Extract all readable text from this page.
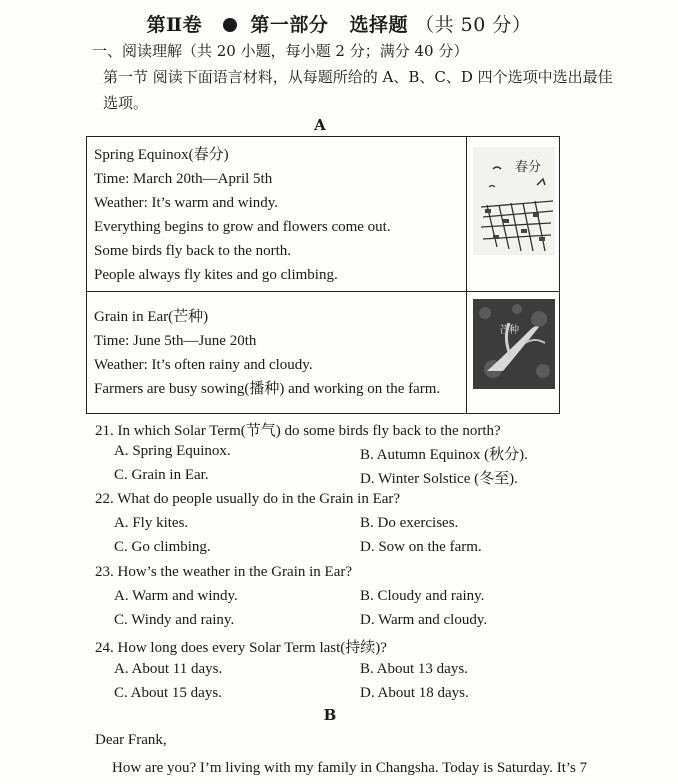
第Ⅱ卷	第一部分 选择题 （共 50 分）
一、阅读理解（共 20 小题，每小题 2 分；满分 40 分）
第一节 阅读下面语言材料，从每题所给的 A、B、C、D 四个选项中选出最佳
选项。
A
Spring Equinox(春分)
Time: March 20th—April 5th
Weather: It’s warm and windy.
Everything begins to grow and flowers come out.
Some birds fly back to the north.
People always fly kites and go climbing.
Grain in Ear(芒种)
Time: June 5th—June 20th
Weather: It’s often rainy and cloudy.
Farmers are busy sowing(播种) and working on the farm.
春分
芒种
21. In which Solar Term(节气) do some birds fly back to the north?
A. Spring Equinox.	B. Autumn Equinox (秋分).
C. Grain in Ear.	D. Winter Solstice (冬至).
22. What do people usually do in the Grain in Ear?
A. Fly kites.	B. Do exercises.
C. Go climbing.	D. Sow on the farm.
23. How’s the weather in the Grain in Ear?
A. Warm and windy.	B. Cloudy and rainy.
C. Windy and rainy.	D. Warm and cloudy.
24. How long does every Solar Term last(持续)?
A. About 11 days.	B. About 13 days.
C. About 15 days.	D. About 18 days.
B
Dear Frank,
How are you? I’m living with my family in Changsha. Today is Saturday. It’s 7
